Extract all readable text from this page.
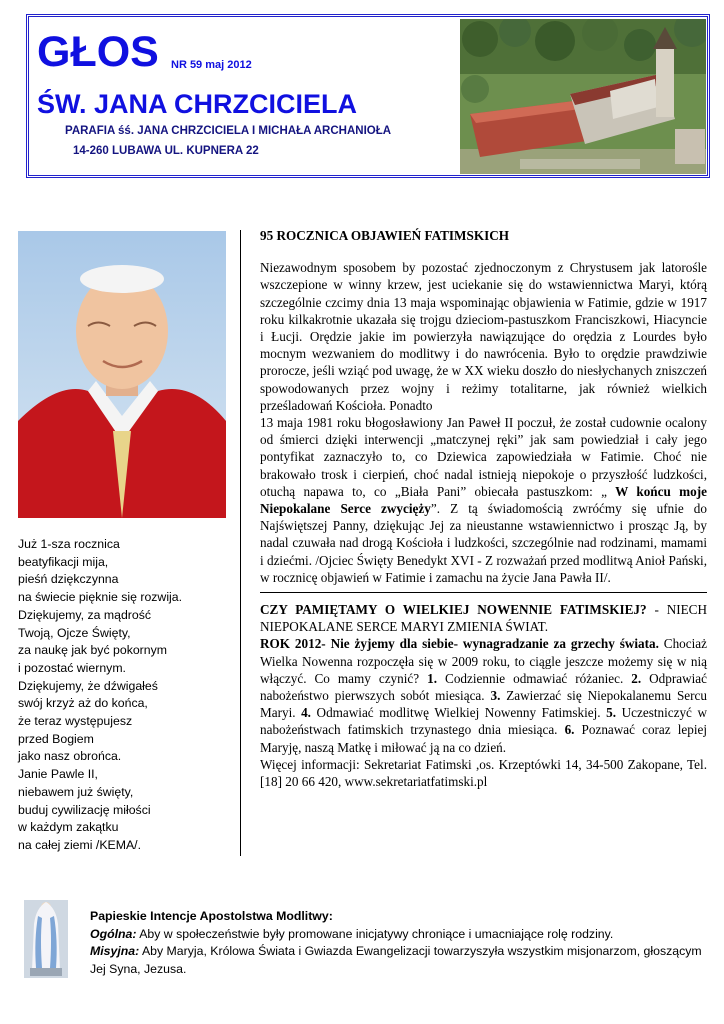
GŁOS NR 59 maj 2012
ŚW. JANA CHRZCICIELA
PARAFIA śś. JANA CHRZCICIELA I MICHAŁA ARCHANIOŁA
14-260 LUBAWA UL. KUPNERA 22
Już 1-sza rocznica
beatyfikacji mija,
pieśń dziękczynna
na świecie pięknie się rozwija.
Dziękujemy, za mądrość
Twoją, Ojcze Święty,
za naukę jak być pokornym
i pozostać wiernym.
Dziękujemy, że dźwigałeś
swój krzyż aż do końca,
że teraz występujesz
przed Bogiem
jako nasz obrońca.
Janie Pawle II,
niebawem już święty,
buduj cywilizację miłości
w każdym zakątku
na całej ziemi /KEMA/.
95 ROCZNICA OBJAWIEŃ FATIMSKICH

Niezawodnym sposobem by pozostać zjednoczonym z Chrystusem jak latorośle wszczepione w winny krzew, jest uciekanie się do wstawiennictwa Maryi, którą szczególnie czcimy dnia 13 maja wspominając objawienia w Fatimie, gdzie w 1917 roku kilkakrotnie ukazała się trojgu dzieciom-pastuszkom Franciszkowi, Hiacyncie i Łucji. Orędzie jakie im powierzyła nawiązujące do orędzia z Lourdes było mocnym wezwaniem do modlitwy i do nawrócenia. Było to orędzie prawdziwie prorocze, jeśli wziąć pod uwagę, że w XX wieku doszło do niesłychanych zniszczeń spowodowanych przez wojny i reżimy totalitarne, jak również wielkich prześladowań Kościoła. Ponadto

13 maja 1981 roku błogosławiony Jan Paweł II poczuł, że został cudownie ocalony od śmierci dzięki interwencji „matczynej ręki” jak sam powiedział i cały jego pontyfikat zaznaczyło to, co Dziewica zapowiedziała w Fatimie. Choć nie brakowało trosk i cierpień, choć nadal istnieją niepokoje o przyszłość ludzkości, otuchą napawa to, co „Biała Pani” obiecała pastuszkom: „ W końcu moje Niepokalane Serce zwycięży”. Z tą świadomością zwróćmy się ufnie do Najświętszej Panny, dziękując Jej za nieustanne wstawiennictwo i prosząc Ją, by nadal czuwała nad drogą Kościoła i ludzkości, szczególnie nad rodzinami, mamami i dziećmi. /Ojciec Święty Benedykt XVI - Z rozważań przed modlitwą Anioł Pański, w rocznicę objawień w Fatimie i zamachu na życie Jana Pawła II/.

CZY PAMIĘTAMY O WIELKIEJ NOWENNIE FATIMSKIEJ? - NIECH NIEPOKALANE SERCE MARYI ZMIENIA ŚWIAT.

ROK 2012- Nie żyjemy dla siebie- wynagradzanie za grzechy świata. Chociaż Wielka Nowenna rozpoczęła się w 2009 roku, to ciągle jeszcze możemy się w nią włączyć. Co mamy czynić? 1. Codziennie odmawiać różaniec. 2. Odprawiać nabożeństwo pierwszych sobót miesiąca. 3. Zawierzać się Niepokalanemu Sercu Maryi. 4. Odmawiać modlitwę Wielkiej Nowenny Fatimskiej. 5. Uczestniczyć w nabożeństwach fatimskich trzynastego dnia miesiąca. 6. Poznawać coraz lepiej Maryję, naszą Matkę i miłować ją na co dzień.

Więcej informacji: Sekretariat Fatimski ,os. Krzeptówki 14, 34-500 Zakopane, Tel.[18] 20 66 420, www.sekretariatfatimski.pl

Papieskie Intencje Apostolstwa Modlitwy:
Ogólna: Aby w społeczeństwie były promowane inicjatywy chroniące i umacniające rolę rodziny.
Misyjna: Aby Maryja, Królowa Świata i Gwiazda Ewangelizacji towarzyszyła wszystkim misjonarzom, głoszącym Jej Syna, Jezusa.
